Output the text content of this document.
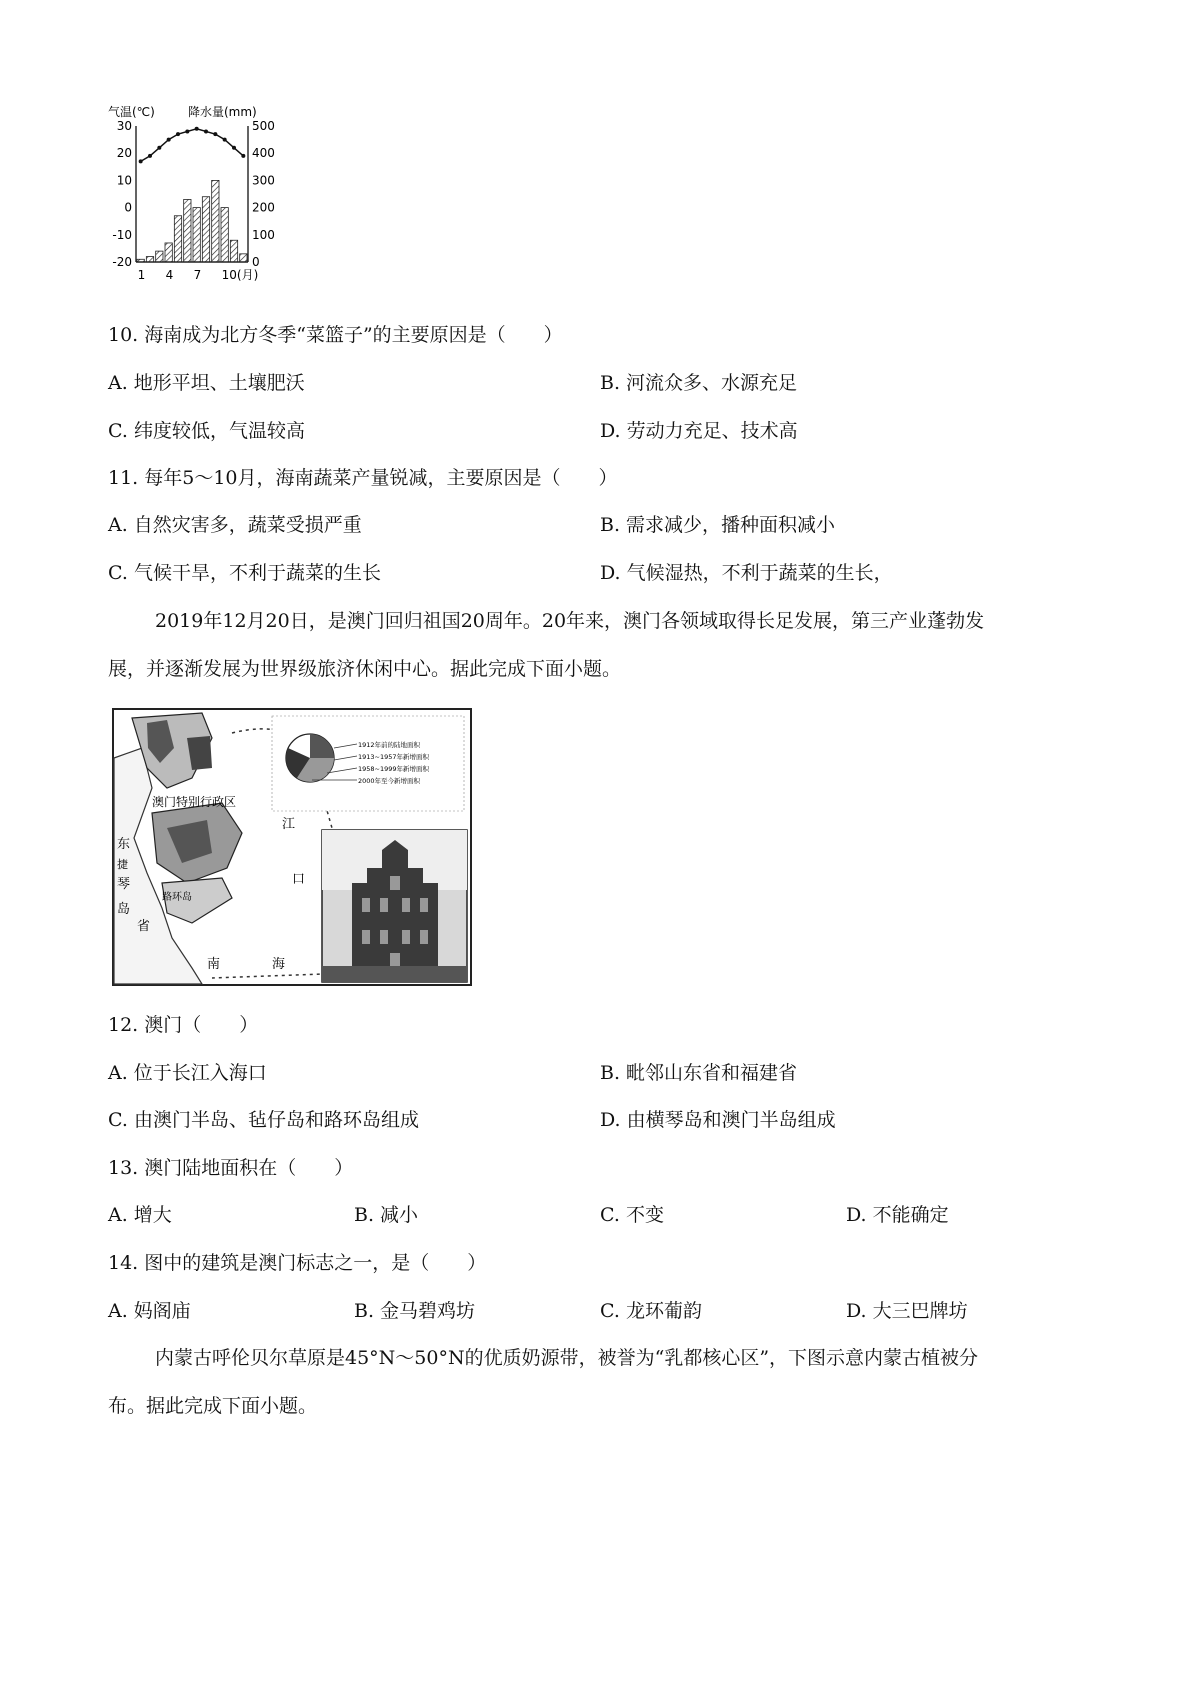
气温(℃)	降水量(mm)
30
20
10
0
-10
-20
500
400
300
200
100
0
1 4 7 10(月)
10. 海南成为北方冬季“菜篮子”的主要原因是（　　）
A. 地形平坦、土壤肥沃	B. 河流众多、水源充足
C. 纬度较低，气温较高	D. 劳动力充足、技术高
11. 每年5～10月，海南蔬菜产量锐减，主要原因是（　　）
A. 自然灾害多，蔬菜受损严重	B. 需求减少，播种面积减小
C. 气候干旱，不利于蔬菜的生长	D. 气候湿热，不利于蔬菜的生长，
2019年12月20日，是澳门回归祖国20周年。20年来，澳门各领域取得长足发展，第三产业蓬勃发
展，并逐渐发展为世界级旅济休闲中心。据此完成下面小题。
澳门特别行政区
东
捷
琴
岛
省
路环岛
江
口
南	海
1912年前的陆地面积
1913~1957年新增面积
1958~1999年新增面积
2000年至今新增面积
12. 澳门（　　）
A. 位于长江入海口	B. 毗邻山东省和福建省
C. 由澳门半岛、毡仔岛和路环岛组成	D. 由横琴岛和澳门半岛组成
13. 澳门陆地面积在（　　）
A. 增大	B. 减小	C. 不变	D. 不能确定
14. 图中的建筑是澳门标志之一，是（　　）
A. 妈阁庙	B. 金马碧鸡坊	C. 龙环葡韵	D. 大三巴牌坊
内蒙古呼伦贝尔草原是45°N～50°N的优质奶源带，被誉为“乳都核心区”，下图示意内蒙古植被分
布。据此完成下面小题。
